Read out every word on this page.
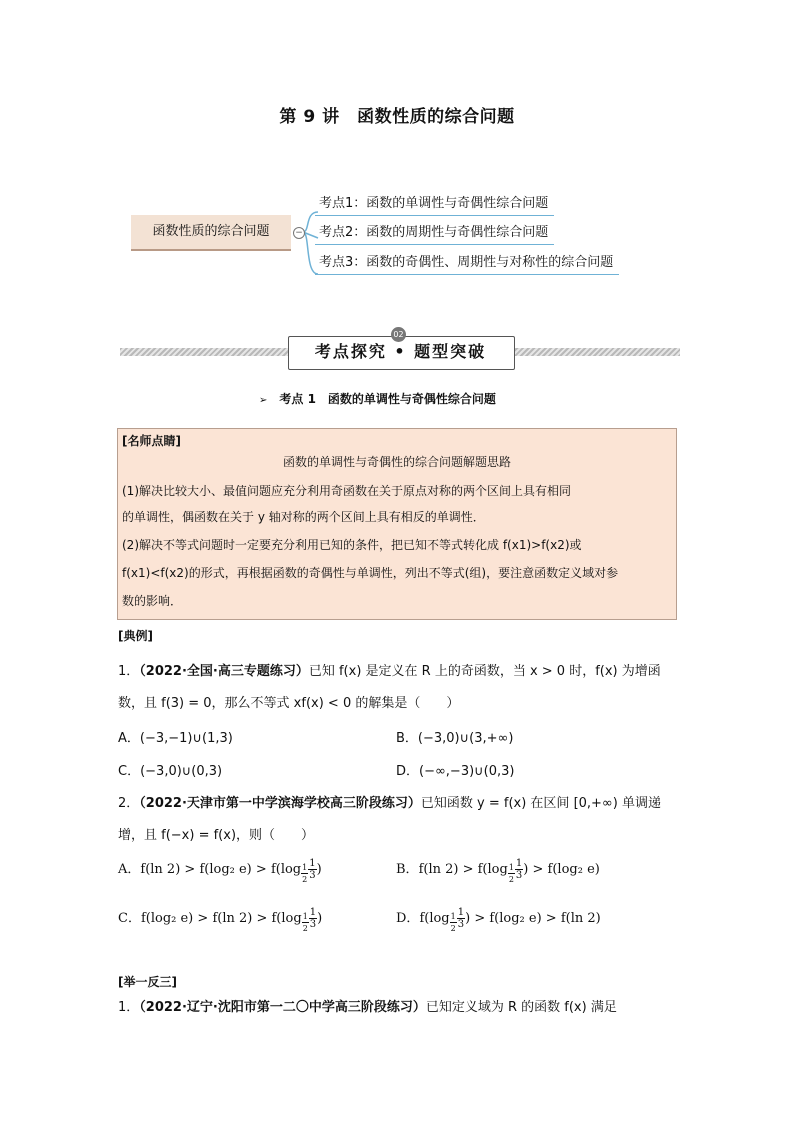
第 9 讲　函数性质的综合问题
函数性质的综合问题	−
考点1：函数的单调性与奇偶性综合问题
考点2：函数的周期性与奇偶性综合问题
考点3：函数的奇偶性、周期性与对称性的综合问题
考点探究 • 题型突破
02
➢ 考点 1　函数的单调性与奇偶性综合问题
[名师点睛]
函数的单调性与奇偶性的综合问题解题思路
(1)解决比较大小、最值问题应充分利用奇函数在关于原点对称的两个区间上具有相同
的单调性，偶函数在关于 y 轴对称的两个区间上具有相反的单调性．
(2)解决不等式问题时一定要充分利用已知的条件，把已知不等式转化成 f(x1)>f(x2)或
f(x1)<f(x2)的形式，再根据函数的奇偶性与单调性，列出不等式(组)，要注意函数定义域对参
数的影响．
[典例]
1．（2022·全国·高三专题练习）已知 f(x) 是定义在 R 上的奇函数，当 x > 0 时，f(x) 为增函
数，且 f(3) = 0，那么不等式 xf(x) < 0 的解集是（　　）
A．(−3,−1)∪(1,3)	B．(−3,0)∪(3,+∞)
C．(−3,0)∪(0,3)	D．(−∞,−3)∪(0,3)
2．（2022·天津市第一中学滨海学校高三阶段练习）已知函数 y = f(x) 在区间 [0,+∞) 单调递
增，且 f(−x) = f(x)，则（　　）
A．f(ln 2) > f(log₂ $e) > f(\log \frac{1}{2} \frac{1}{3})$	B．f(ln $2) > f(\log \frac{1}{2} \frac{1}{3}) > f(\log_2$ e)
C．f(log₂ e) > f(ln $2) > f(\log \frac{1}{2} \frac{1}{3})$	D．$f(\log \frac{1}{2} \frac{1}{3}) > f(\log_2$ e) > f(ln 2)
[举一反三]
1．（2022·辽宁·沈阳市第一二〇中学高三阶段练习）已知定义域为 R 的函数 f(x) 满足
